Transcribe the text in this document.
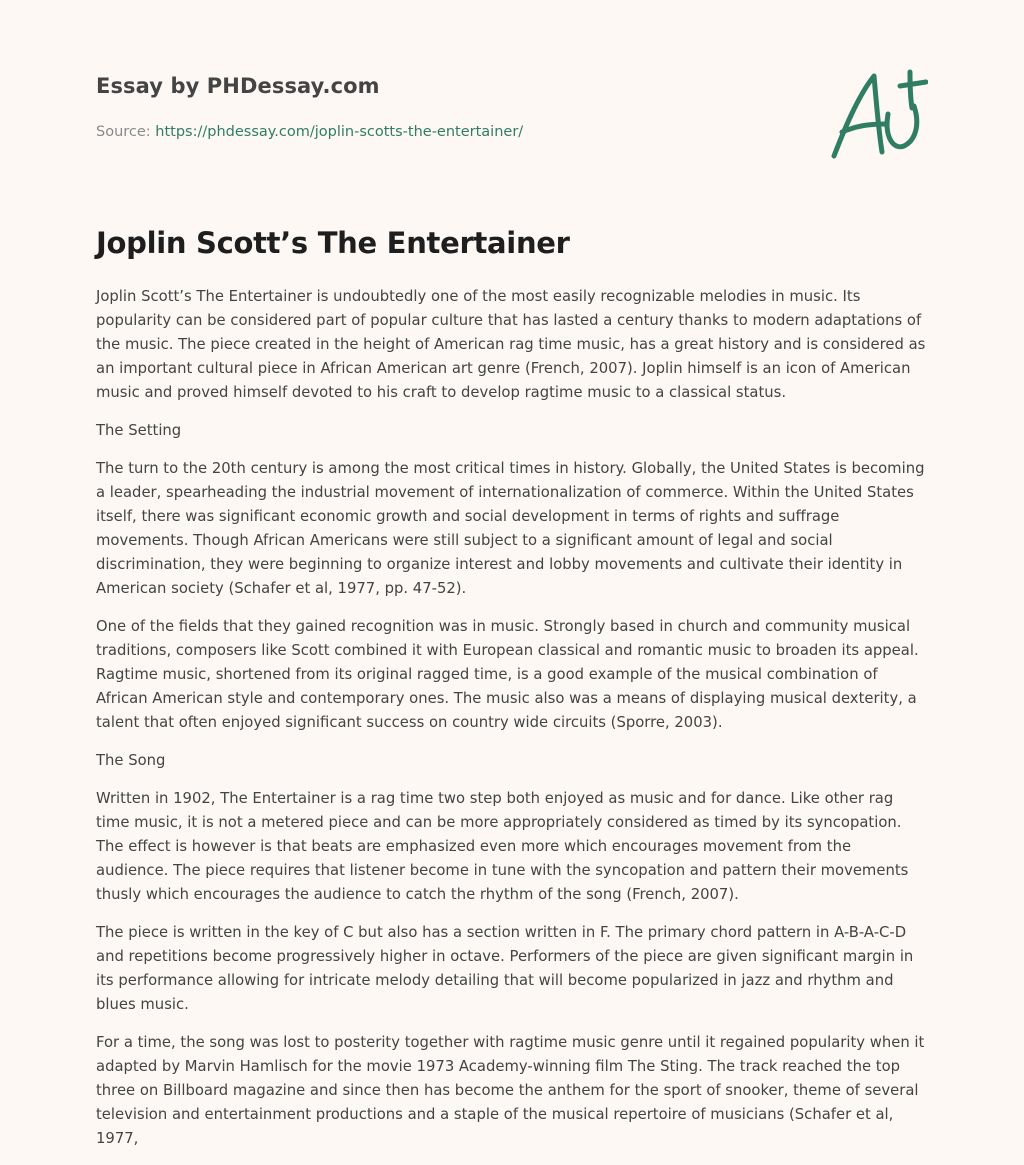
Essay by PHDessay.com
Source: https://phdessay.com/joplin-scotts-the-entertainer/
Joplin Scott’s The Entertainer

Joplin Scott’s The Entertainer is undoubtedly one of the most easily recognizable melodies in music. Its popularity can be considered part of popular culture that has lasted a century thanks to modern adaptations of the music. The piece created in the height of American rag time music, has a great history and is considered as an important cultural piece in African American art genre (French, 2007). Joplin himself is an icon of American music and proved himself devoted to his craft to develop ragtime music to a classical status.

The Setting

The turn to the 20th century is among the most critical times in history. Globally, the United States is becoming a leader, spearheading the industrial movement of internationalization of commerce. Within the United States itself, there was significant economic growth and social development in terms of rights and suffrage movements. Though African Americans were still subject to a significant amount of legal and social discrimination, they were beginning to organize interest and lobby movements and cultivate their identity in American society (Schafer et al, 1977, pp. 47-52).

One of the fields that they gained recognition was in music. Strongly based in church and community musical traditions, composers like Scott combined it with European classical and romantic music to broaden its appeal. Ragtime music, shortened from its original ragged time, is a good example of the musical combination of African American style and contemporary ones. The music also was a means of displaying musical dexterity, a talent that often enjoyed significant success on country wide circuits (Sporre, 2003).

The Song

Written in 1902, The Entertainer is a rag time two step both enjoyed as music and for dance. Like other rag time music, it is not a metered piece and can be more appropriately considered as timed by its syncopation. The effect is however is that beats are emphasized even more which encourages movement from the audience. The piece requires that listener become in tune with the syncopation and pattern their movements thusly which encourages the audience to catch the rhythm of the song (French, 2007).

The piece is written in the key of C but also has a section written in F. The primary chord pattern in A-B-A-C-D and repetitions become progressively higher in octave. Performers of the piece are given significant margin in its performance allowing for intricate melody detailing that will become popularized in jazz and rhythm and blues music.

For a time, the song was lost to posterity together with ragtime music genre until it regained popularity when it adapted by Marvin Hamlisch for the movie 1973 Academy-winning film The Sting. The track reached the top three on Billboard magazine and since then has become the anthem for the sport of snooker, theme of several television and entertainment productions and a staple of the musical repertoire of musicians (Schafer et al, 1977,
